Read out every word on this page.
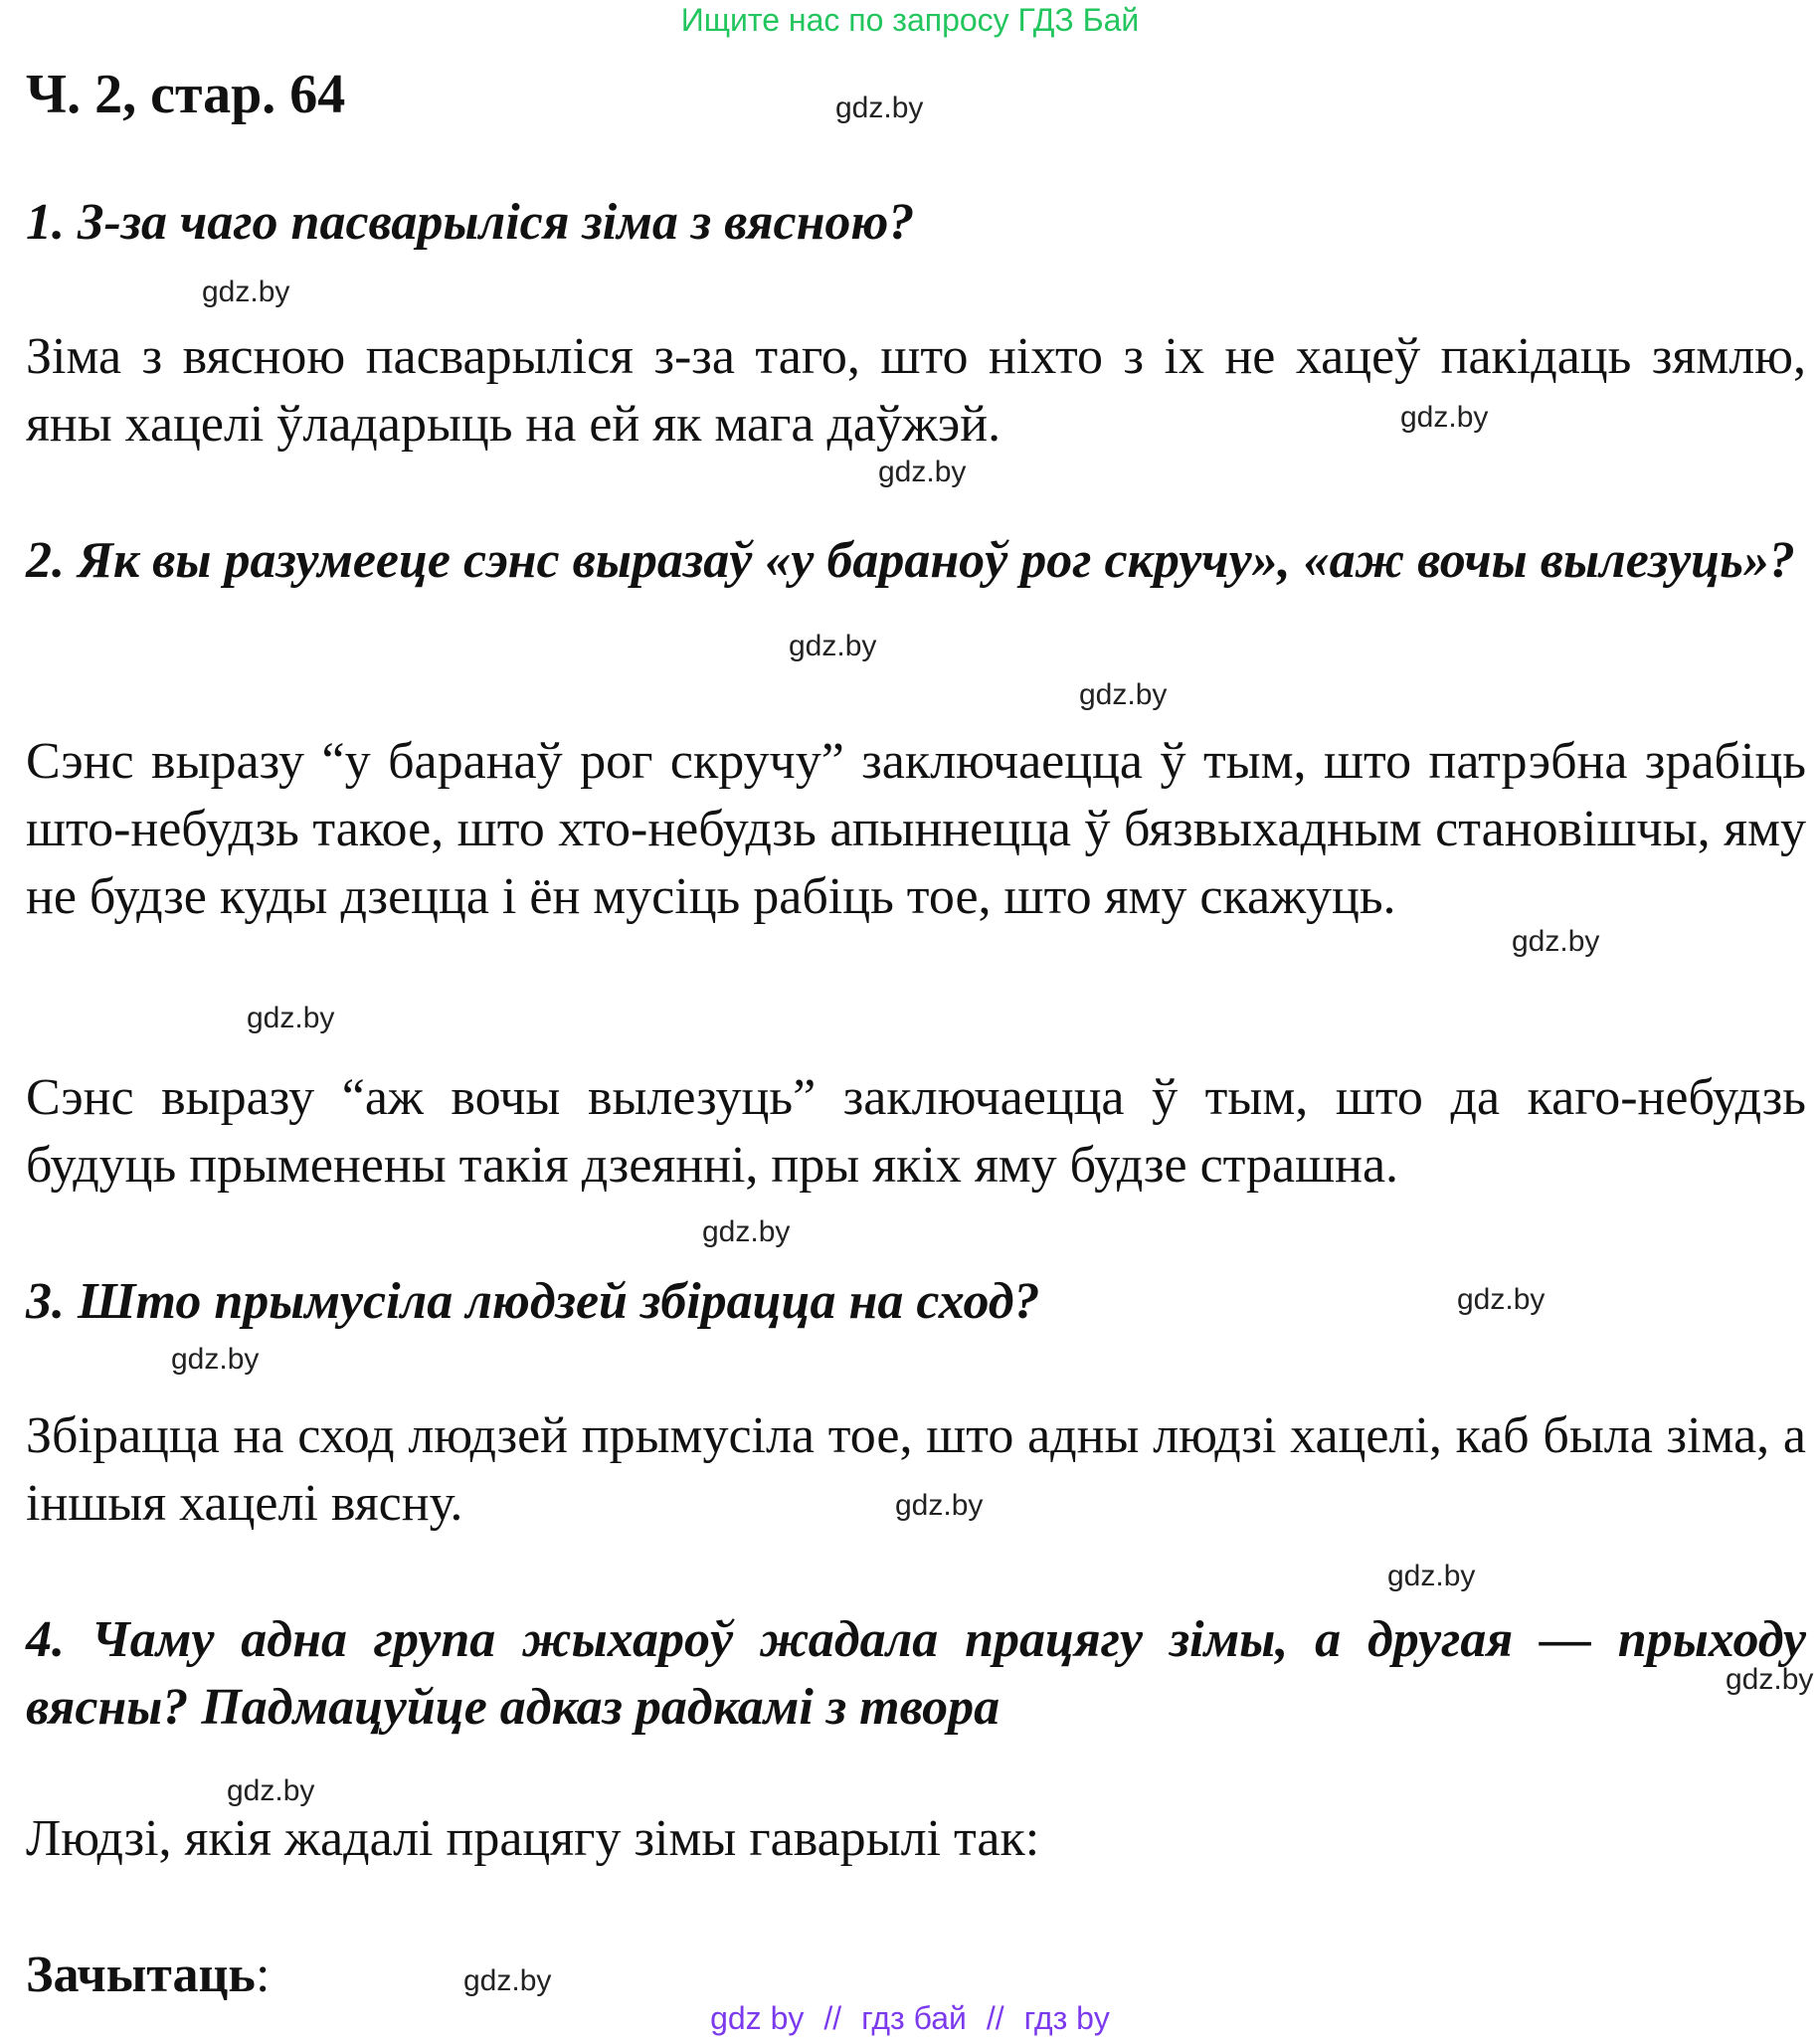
Ищите нас по запросу ГДЗ Бай
Ч. 2, стар. 64
1. З-за чаго пасварыліся зіма з вясною?
Зіма з вясною пасварыліся з-за таго, што ніхто з іх не хацеў пакідаць зямлю, яны хацелі ўладарыць на ей як мага даўжэй.
2. Як вы разумееце сэнс выразаў «у бараноў рог скручу», «аж вочы вылезуць»?
Сэнс выразу “у баранаў рог скручу” заключаецца ў тым, што патрэбна зрабіць што-небудзь такое, што хто-небудзь апыннецца ў бязвыхадным становішчы, яму не будзе куды дзецца і ён мусіць рабіць тое, што яму скажуць.
Сэнс выразу “аж вочы вылезуць” заключаецца ў тым, што да каго-небудзь будуць прыменены такія дзеянні, пры якіх яму будзе страшна.
3. Што прымусіла людзей збірацца на сход?
Збірацца на сход людзей прымусіла тое, што адны людзі хацелі, каб была зіма, а іншыя хацелі вясну.
4. Чаму адна група жыхароў жадала працягу зімы, а другая — прыходу вясны? Падмацуйце адказ радкамі з твора
Людзі, якія жадалі працягу зімы гаварылі так:
Зачытаць:
gdz.by
gdz.by
gdz.by
gdz.by
gdz.by
gdz.by
gdz.by
gdz.by
gdz.by
gdz.by
gdz.by
gdz.by
gdz.by
gdz.by
gdz.by
gdz.by
gdz by // гдз бай // гдз by
